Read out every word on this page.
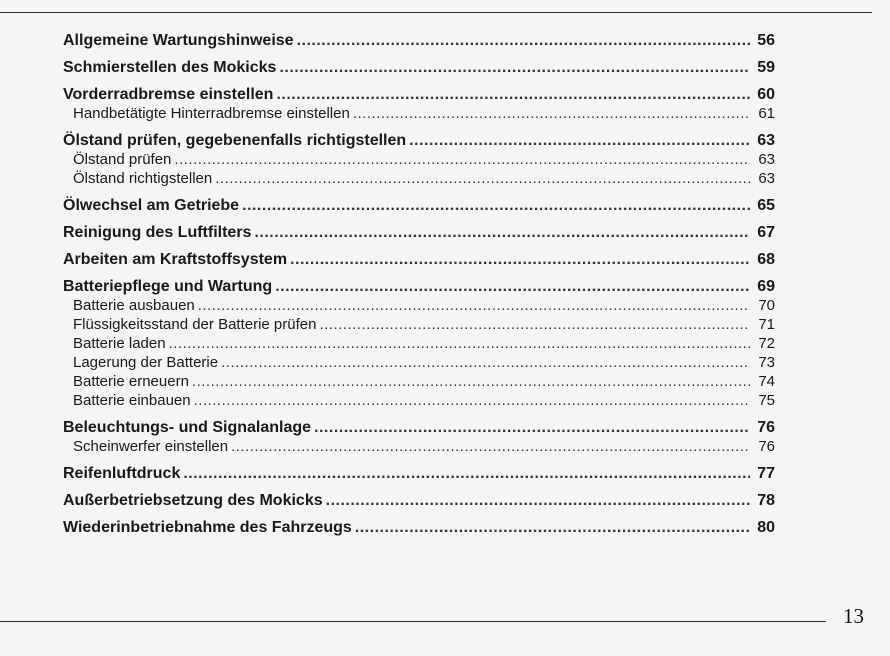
Allgemeine Wartungshinweise .....	56
Schmierstellen des Mokicks .....	59
Vorderradbremse einstellen .....	60
Handbetätigte Hinterradbremse einstellen .....	61
Ölstand prüfen, gegebenenfalls richtigstellen .....	63
Ölstand prüfen .....	63
Ölstand richtigstellen .....	63
Ölwechsel am Getriebe .....	65
Reinigung des Luftfilters .....	67
Arbeiten am Kraftstoffsystem .....	68
Batteriepflege und Wartung .....	69
Batterie ausbauen .....	70
Flüssigkeitsstand der Batterie prüfen .....	71
Batterie laden .....	72
Lagerung der Batterie .....	73
Batterie erneuern .....	74
Batterie einbauen .....	75
Beleuchtungs- und Signalanlage .....	76
Scheinwerfer einstellen .....	76
Reifenluftdruck .....	77
Außerbetriebsetzung des Mokicks .....	78
Wiederinbetriebnahme des Fahrzeugs .....	80
13
